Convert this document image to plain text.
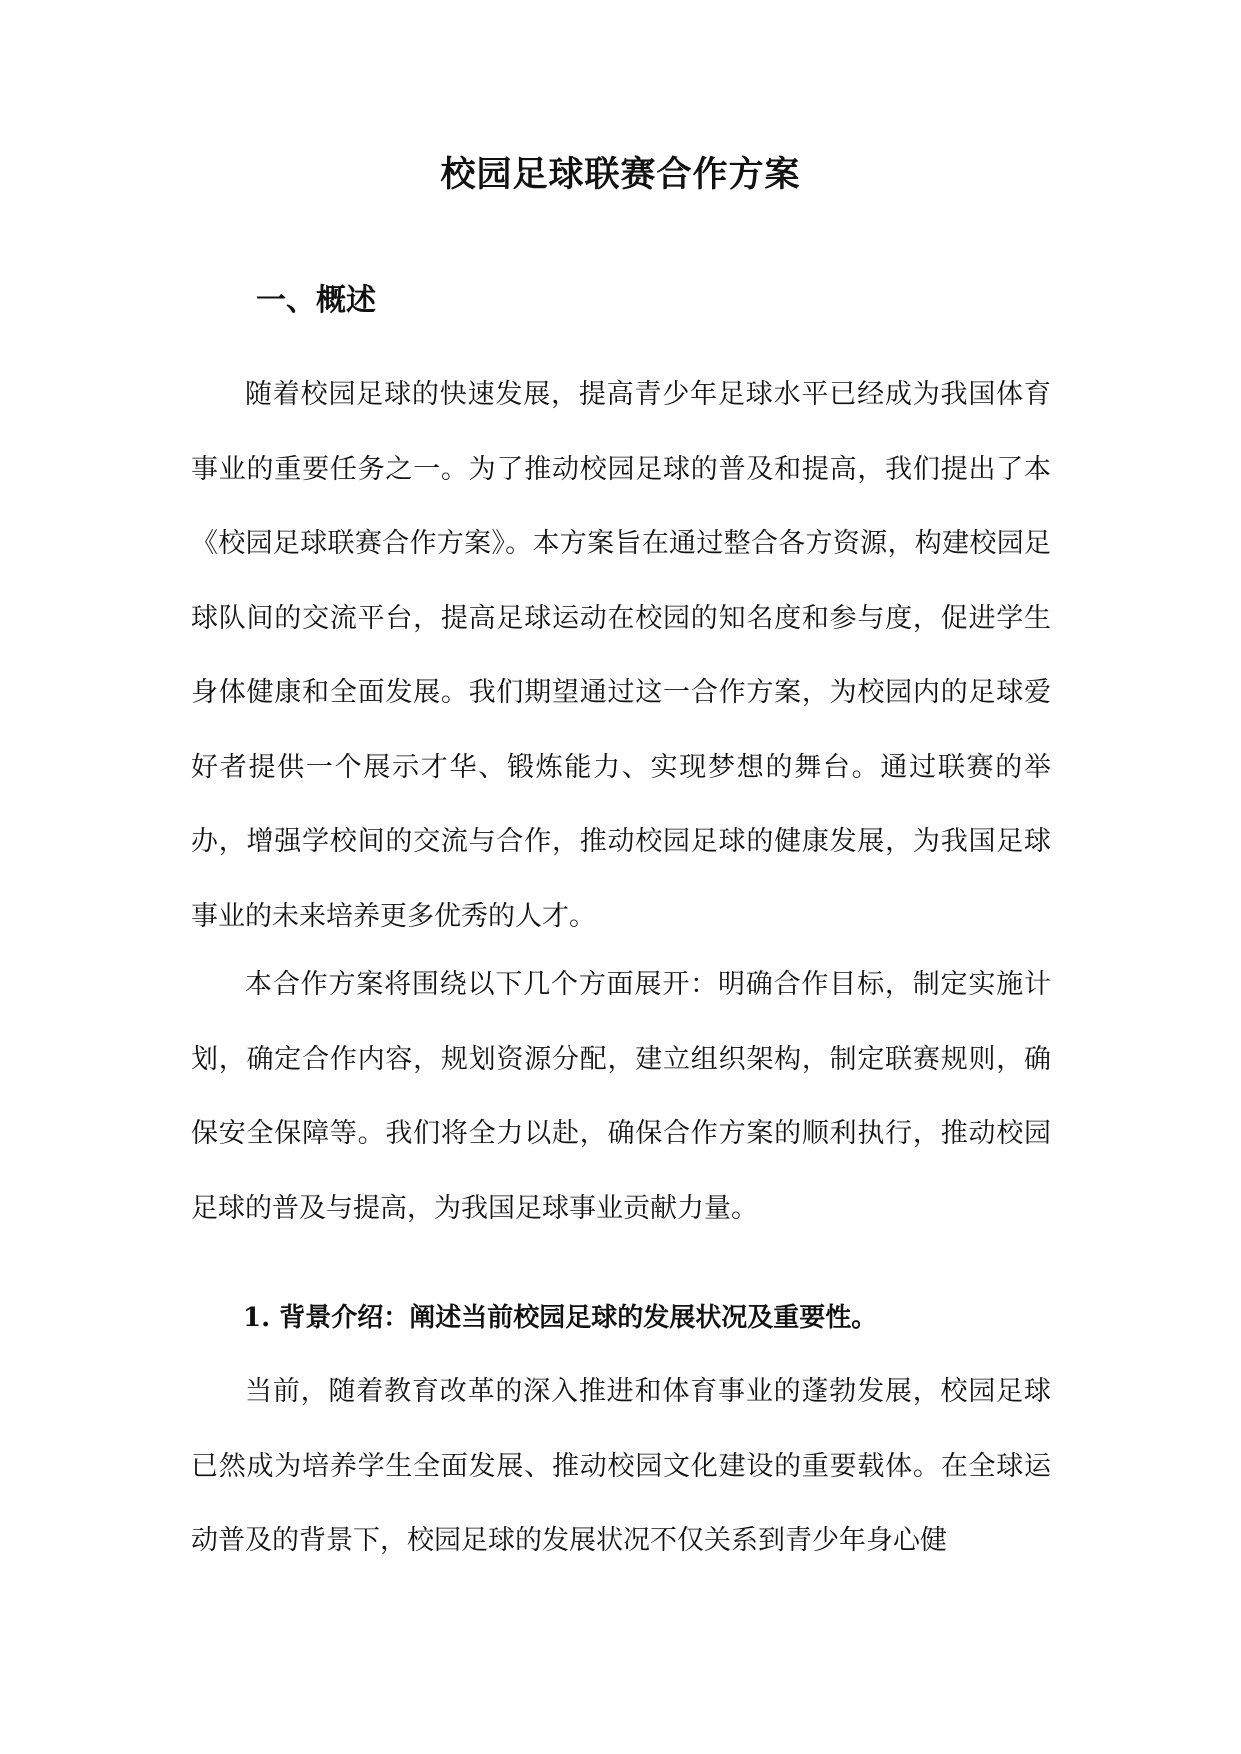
校园足球联赛合作方案
一、概述

随着校园足球的快速发展，提高青少年足球水平已经成为我国体育事业的重要任务之一。为了推动校园足球的普及和提高，我们提出了本《校园足球联赛合作方案》。本方案旨在通过整合各方资源，构建校园足球队间的交流平台，提高足球运动在校园的知名度和参与度，促进学生身体健康和全面发展。我们期望通过这一合作方案，为校园内的足球爱好者提供一个展示才华、锻炼能力、实现梦想的舞台。通过联赛的举办，增强学校间的交流与合作，推动校园足球的健康发展，为我国足球事业的未来培养更多优秀的人才。

本合作方案将围绕以下几个方面展开：明确合作目标，制定实施计划，确定合作内容，规划资源分配，建立组织架构，制定联赛规则，确保安全保障等。我们将全力以赴，确保合作方案的顺利执行，推动校园足球的普及与提高，为我国足球事业贡献力量。

1. 背景介绍：阐述当前校园足球的发展状况及重要性。

当前，随着教育改革的深入推进和体育事业的蓬勃发展，校园足球已然成为培养学生全面发展、推动校园文化建设的重要载体。在全球运动普及的背景下，校园足球的发展状况不仅关系到青少年身心健
